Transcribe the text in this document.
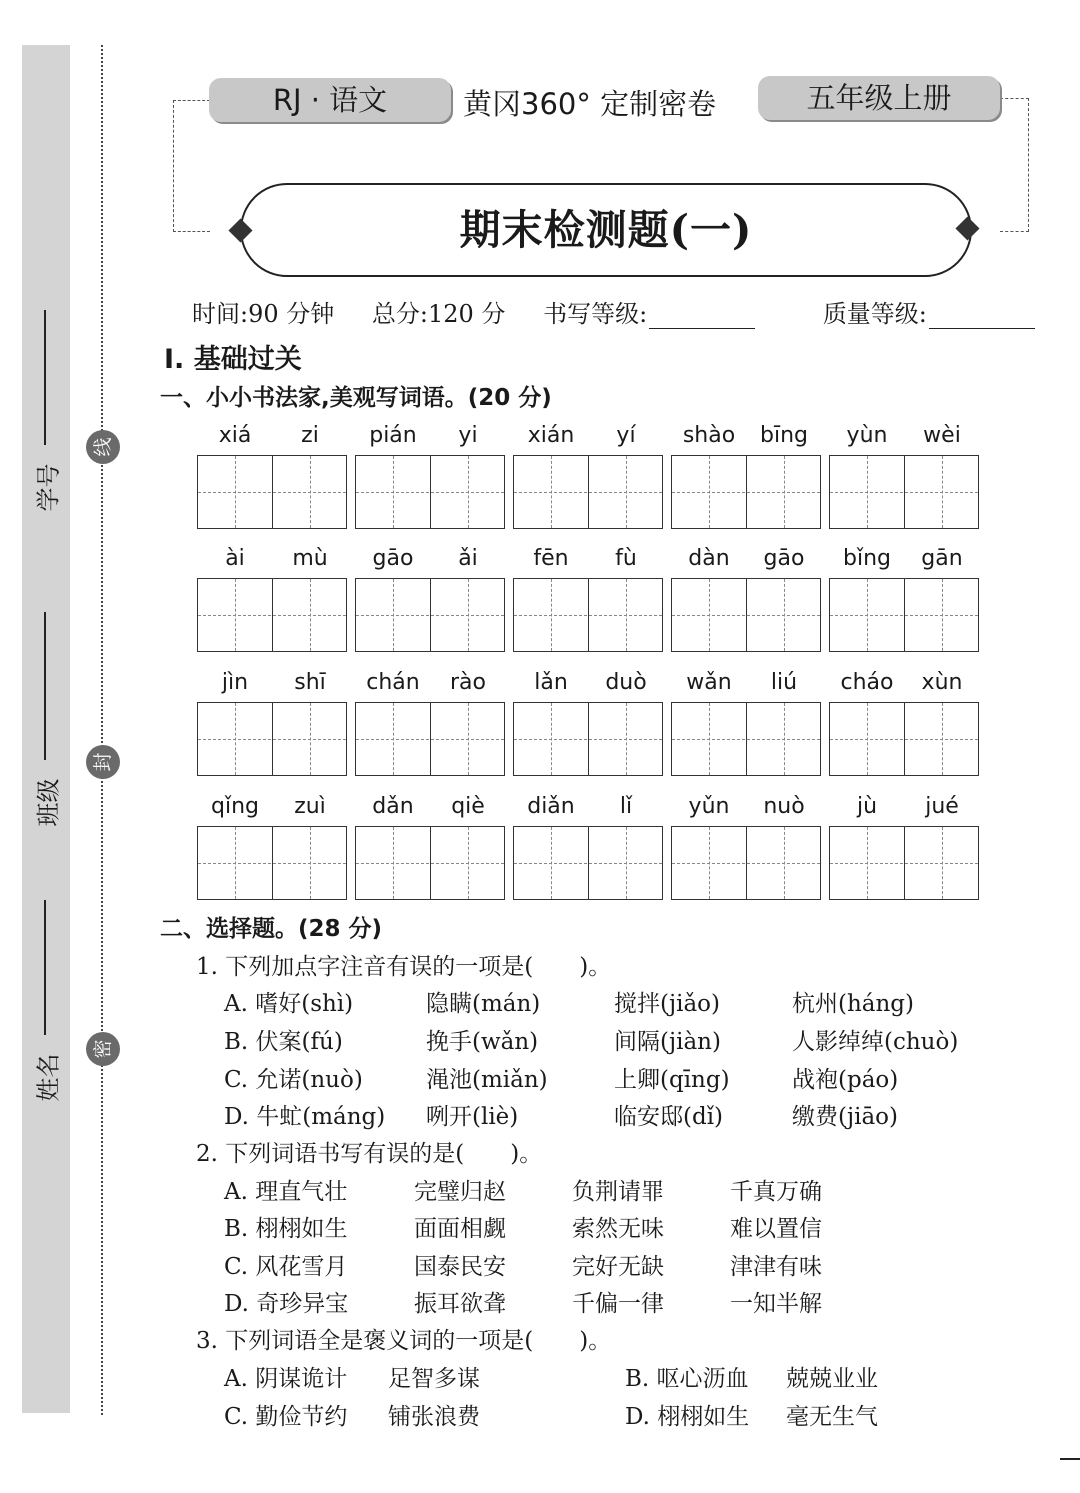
学号
班级
姓名
线
封
密
RJ · 语文	黄冈360° 定制密卷	五年级上册
期末检测题(一)
时间:90 分钟 总分:120 分 书写等级:	质量等级:
Ⅰ. 基础过关
一、小小书法家,美观写词语。(20 分)
xiá	zi	pián	yi	xián	yí	shào	bīng	yùn	wèi
ài	mù	gāo	ǎi	fēn	fù	dàn	gāo	bǐng	gān
jìn	shī	chán	rào	lǎn	duò	wǎn	liú	cháo	xùn
qǐng	zuì	dǎn	qiè	diǎn	lǐ	yǔn	nuò	jù	jué
二、选择题。(28 分)
1. 下列加点字注音有误的一项是(　　)。
A. 嗜好(shì)	隐瞒(mán)	搅拌(jiǎo)	杭州(háng)
B. 伏案(fú)	挽手(wǎn)	间隔(jiàn)	人影绰绰(chuò)
C. 允诺(nuò)	渑池(miǎn)	上卿(qīng)	战袍(páo)
D. 牛虻(máng) 咧开(liè)	临安邸(dǐ)	缴费(jiāo)
2. 下列词语书写有误的是(　　)。
A. 理直气壮	完璧归赵	负荆请罪	千真万确
B. 栩栩如生	面面相觑	索然无味	难以置信
C. 风花雪月	国泰民安	完好无缺	津津有味
D. 奇珍异宝	振耳欲聋	千偏一律	一知半解
3. 下列词语全是褒义词的一项是(　　)。
A. 阴谋诡计 足智多谋	B. 呕心沥血 兢兢业业
C. 勤俭节约 铺张浪费	D. 栩栩如生 毫无生气
